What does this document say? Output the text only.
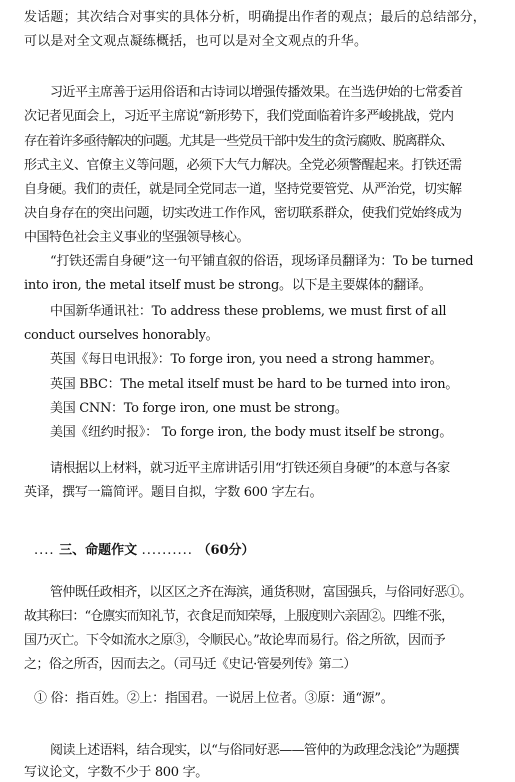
发话题；其次结合对事实的具体分析，明确提出作者的观点；最后的总结部分，
可以是对全文观点凝练概括，也可以是对全文观点的升华。
习近平主席善于运用俗语和古诗词以增强传播效果。在当选伊始的七常委首
次记者见面会上，习近平主席说“新形势下，我们党面临着许多严峻挑战，党内
存在着许多亟待解决的问题。尤其是一些党员干部中发生的贪污腐败、脱离群众、
形式主义、官僚主义等问题，必须下大气力解决。全党必须警醒起来。打铁还需
自身硬。我们的责任，就是同全党同志一道，坚持党要管党、从严治党，切实解
决自身存在的突出问题，切实改进工作作风，密切联系群众，使我们党始终成为
中国特色社会主义事业的坚强领导核心。
“打铁还需自身硬”这一句平铺直叙的俗语，现场译员翻译为：To be turned
into iron, the metal itself must be strong。以下是主要媒体的翻译。
中国新华通讯社：To address these problems, we must first of all
conduct ourselves honorably。
英国《每日电讯报》：To forge iron, you need a strong hammer。
英国 BBC：The metal itself must be hard to be turned into iron。
美国 CNN：To forge iron, one must be strong。
美国《纽约时报》： To forge iron, the body must itself be strong。
请根据以上材料，就习近平主席讲话引用“打铁还须自身硬”的本意与各家
英译，撰写一篇简评。题目自拟，字数 600 字左右。
.... 三、命题作文 .......... （60分）
管仲既任政相齐，以区区之齐在海滨，通货积财，富国强兵，与俗同好恶①。
故其称曰：“仓廪实而知礼节，衣食足而知荣辱，上服度则六亲固②。四维不张，
国乃灭亡。下令如流水之原③，令顺民心。”故论卑而易行。俗之所欲，因而予
之；俗之所否，因而去之。（司马迁《史记·管晏列传》第二）
① 俗：指百姓。②上：指国君。一说居上位者。③原：通“源”。
阅读上述语料，结合现实，以“与俗同好恶——管仲的为政理念浅论”为题撰
写议论文，字数不少于 800 字。
